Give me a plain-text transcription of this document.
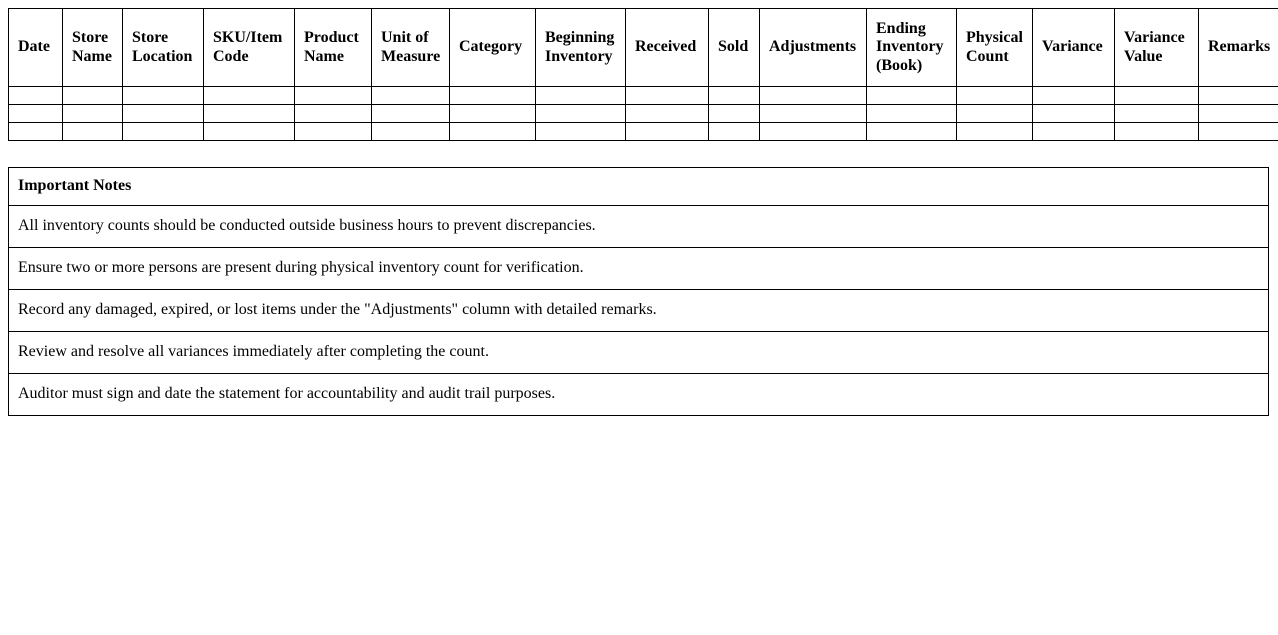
Date	Store Name	Store Location	SKU/Item Code	Product Name	Unit of Measure	Category	Beginning Inventory	Received	Sold	Adjustments	Ending Inventory (Book)	Physical Count	Variance	Variance Value	Remarks

Important Notes
All inventory counts should be conducted outside business hours to prevent discrepancies.
Ensure two or more persons are present during physical inventory count for verification.
Record any damaged, expired, or lost items under the "Adjustments" column with detailed remarks.
Review and resolve all variances immediately after completing the count.
Auditor must sign and date the statement for accountability and audit trail purposes.
